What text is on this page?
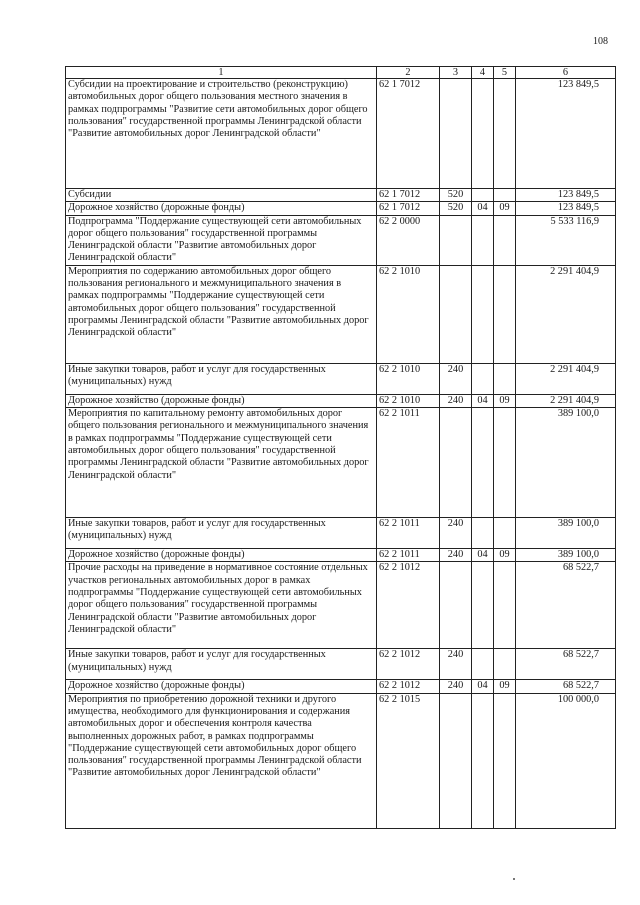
108
1	2	3	4	5	6
Субсидии на проектирование и строительство (реконструкцию) автомобильных дорог общего пользования местного значения в рамках подпрограммы "Развитие сети автомобильных дорог общего пользования" государственной программы Ленинградской области "Развитие автомобильных дорог Ленинградской области"	62 1 7012				123 849,5
Субсидии	62 1 7012	520			123 849,5
Дорожное хозяйство (дорожные фонды)	62 1 7012	520	04	09	123 849,5
Подпрограмма "Поддержание существующей сети автомобильных дорог общего пользования" государственной программы Ленинградской области "Развитие автомобильных дорог Ленинградской области"	62 2 0000				5 533 116,9
Мероприятия по содержанию автомобильных дорог общего пользования регионального и межмуниципального значения в рамках подпрограммы "Поддержание существующей сети автомобильных дорог общего пользования" государственной программы Ленинградской области "Развитие автомобильных дорог Ленинградской области"	62 2 1010				2 291 404,9
Иные закупки товаров, работ и услуг для государственных (муниципальных) нужд	62 2 1010	240			2 291 404,9
Дорожное хозяйство (дорожные фонды)	62 2 1010	240	04	09	2 291 404,9
Мероприятия по капитальному ремонту автомобильных дорог общего пользования регионального и межмуниципального значения в рамках подпрограммы "Поддержание существующей сети автомобильных дорог общего пользования" государственной программы Ленинградской области "Развитие автомобильных дорог Ленинградской области"	62 2 1011				389 100,0
Иные закупки товаров, работ и услуг для государственных (муниципальных) нужд	62 2 1011	240			389 100,0
Дорожное хозяйство (дорожные фонды)	62 2 1011	240	04	09	389 100,0
Прочие расходы на приведение в нормативное состояние отдельных участков региональных автомобильных дорог в рамках подпрограммы "Поддержание существующей сети автомобильных дорог общего пользования" государственной программы Ленинградской области "Развитие автомобильных дорог Ленинградской области"	62 2 1012				68 522,7
Иные закупки товаров, работ и услуг для государственных (муниципальных) нужд	62 2 1012	240			68 522,7
Дорожное хозяйство (дорожные фонды)	62 2 1012	240	04	09	68 522,7
Мероприятия по приобретению дорожной техники и другого имущества, необходимого для функционирования и содержания автомобильных дорог и обеспечения контроля качества выполненных дорожных работ, в рамках подпрограммы "Поддержание существующей сети автомобильных дорог общего пользования" государственной программы Ленинградской области "Развитие автомобильных дорог Ленинградской области"	62 2 1015				100 000,0
